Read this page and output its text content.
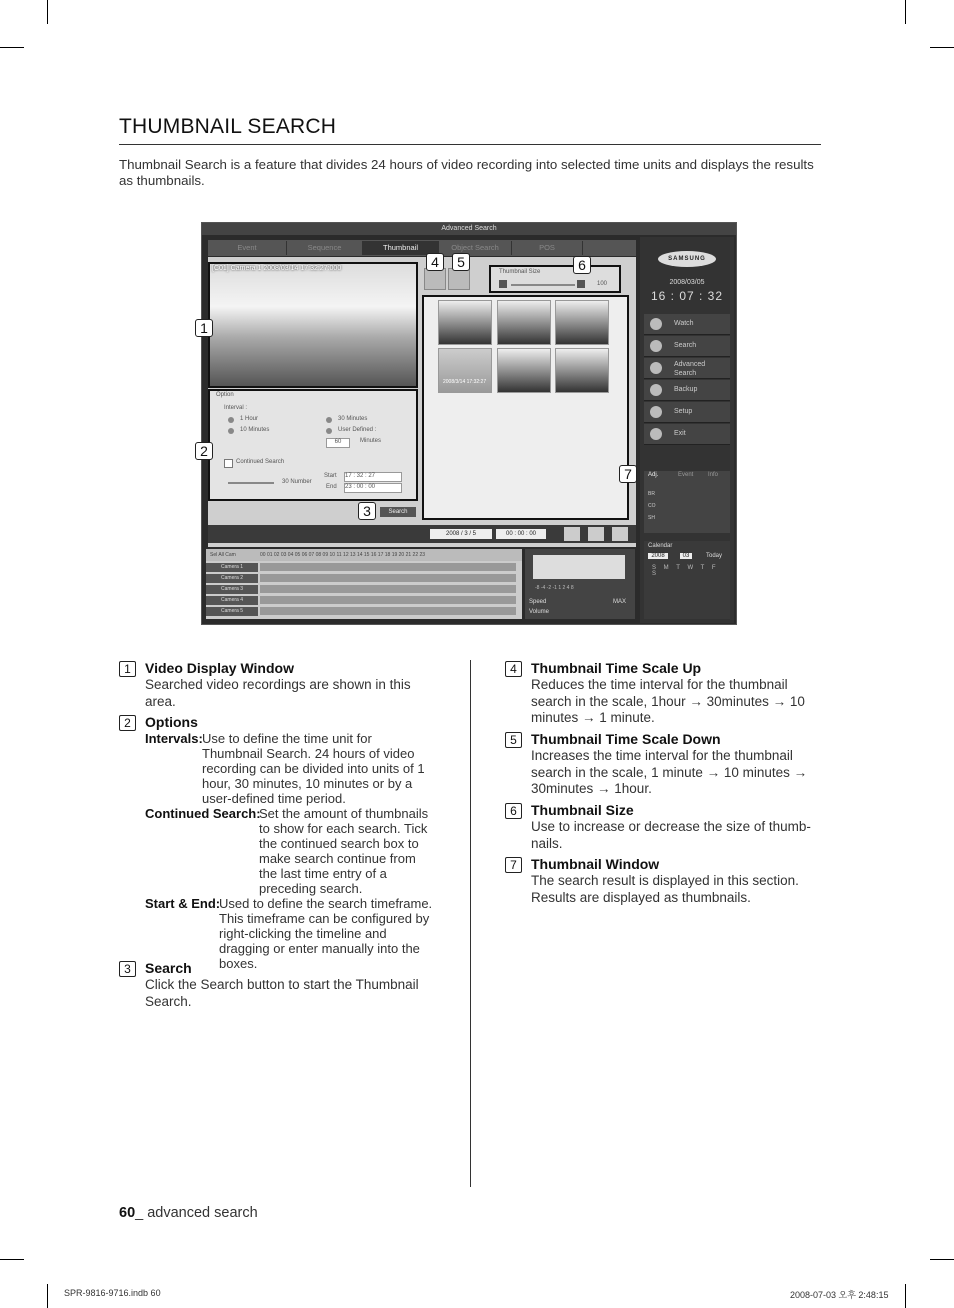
THUMBNAIL SEARCH
Thumbnail Search is a feature that divides 24 hours of video recording into selected time units and displays the results as thumbnails.
Advanced Search
Event	Sequence	Thumbnail	Object Search	POS
[C01] Camera 1 2008/03/14 17:32:27:000
Option
Interval :
1 Hour	30 Minutes
10 Minutes	User Defined :
60	Minutes
Continued Search
30 Number
Start 17 : 32 : 27
End 23 : 00 : 00
Search
Thumbnail Size
100
2008/3/14 17:32:27
2008 / 3 / 5	00 : 00 : 00
Sel All Cam	00 01 02 03 04 05 06 07 08 09 10 11 12 13 14 15 16 17 18 19 20 21 22 23
Camera 1
Camera 2
Camera 3
Camera 4
Camera 5
-8 -4 -2 -1 1 2 4 8
Speed	MAX
Volume
SAMSUNG
2008/03/05
16 : 07 : 32
Watch
Search
Advanced Search
Backup
Setup
Exit
Adj.	Event Info
BR
CO
SH
Calendar
2008	03	Today
S M T W T F S
1
2
3
4	5	6
7
1	Video Display Window
Searched video recordings are shown in this area.
2	Options
Intervals: Use to define the time unit for Thumbnail Search. 24 hours of video recording can be divided into units of 1 hour, 30 minutes, 10 minutes or by a user-defined time period.
Continued Search:
Set the amount of thumbnails to show for each search. Tick the continued search box to make search continue from the last time entry of a preceding search.
Start & End:
Used to define the search timeframe. This timeframe can be configured by right-clicking the timeline and dragging or enter manually into the boxes.
3	Search
Click the Search button to start the Thumbnail Search.
4	Thumbnail Time Scale Up
Reduces the time interval for the thumbnail search in the scale, 1hour → 30minutes → 10 minutes → 1 minute.
5	Thumbnail Time Scale Down
Increases the time interval for the thumbnail search in the scale, 1 minute → 10 minutes → 30minutes → 1hour.
6	Thumbnail Size
Use to increase or decrease the size of thumb-nails.
7	Thumbnail Window
The search result is displayed in this section. Results are displayed as thumbnails.
60_ advanced search
SPR-9816-9716.indb 60	2008-07-03 오후 2:48:15
